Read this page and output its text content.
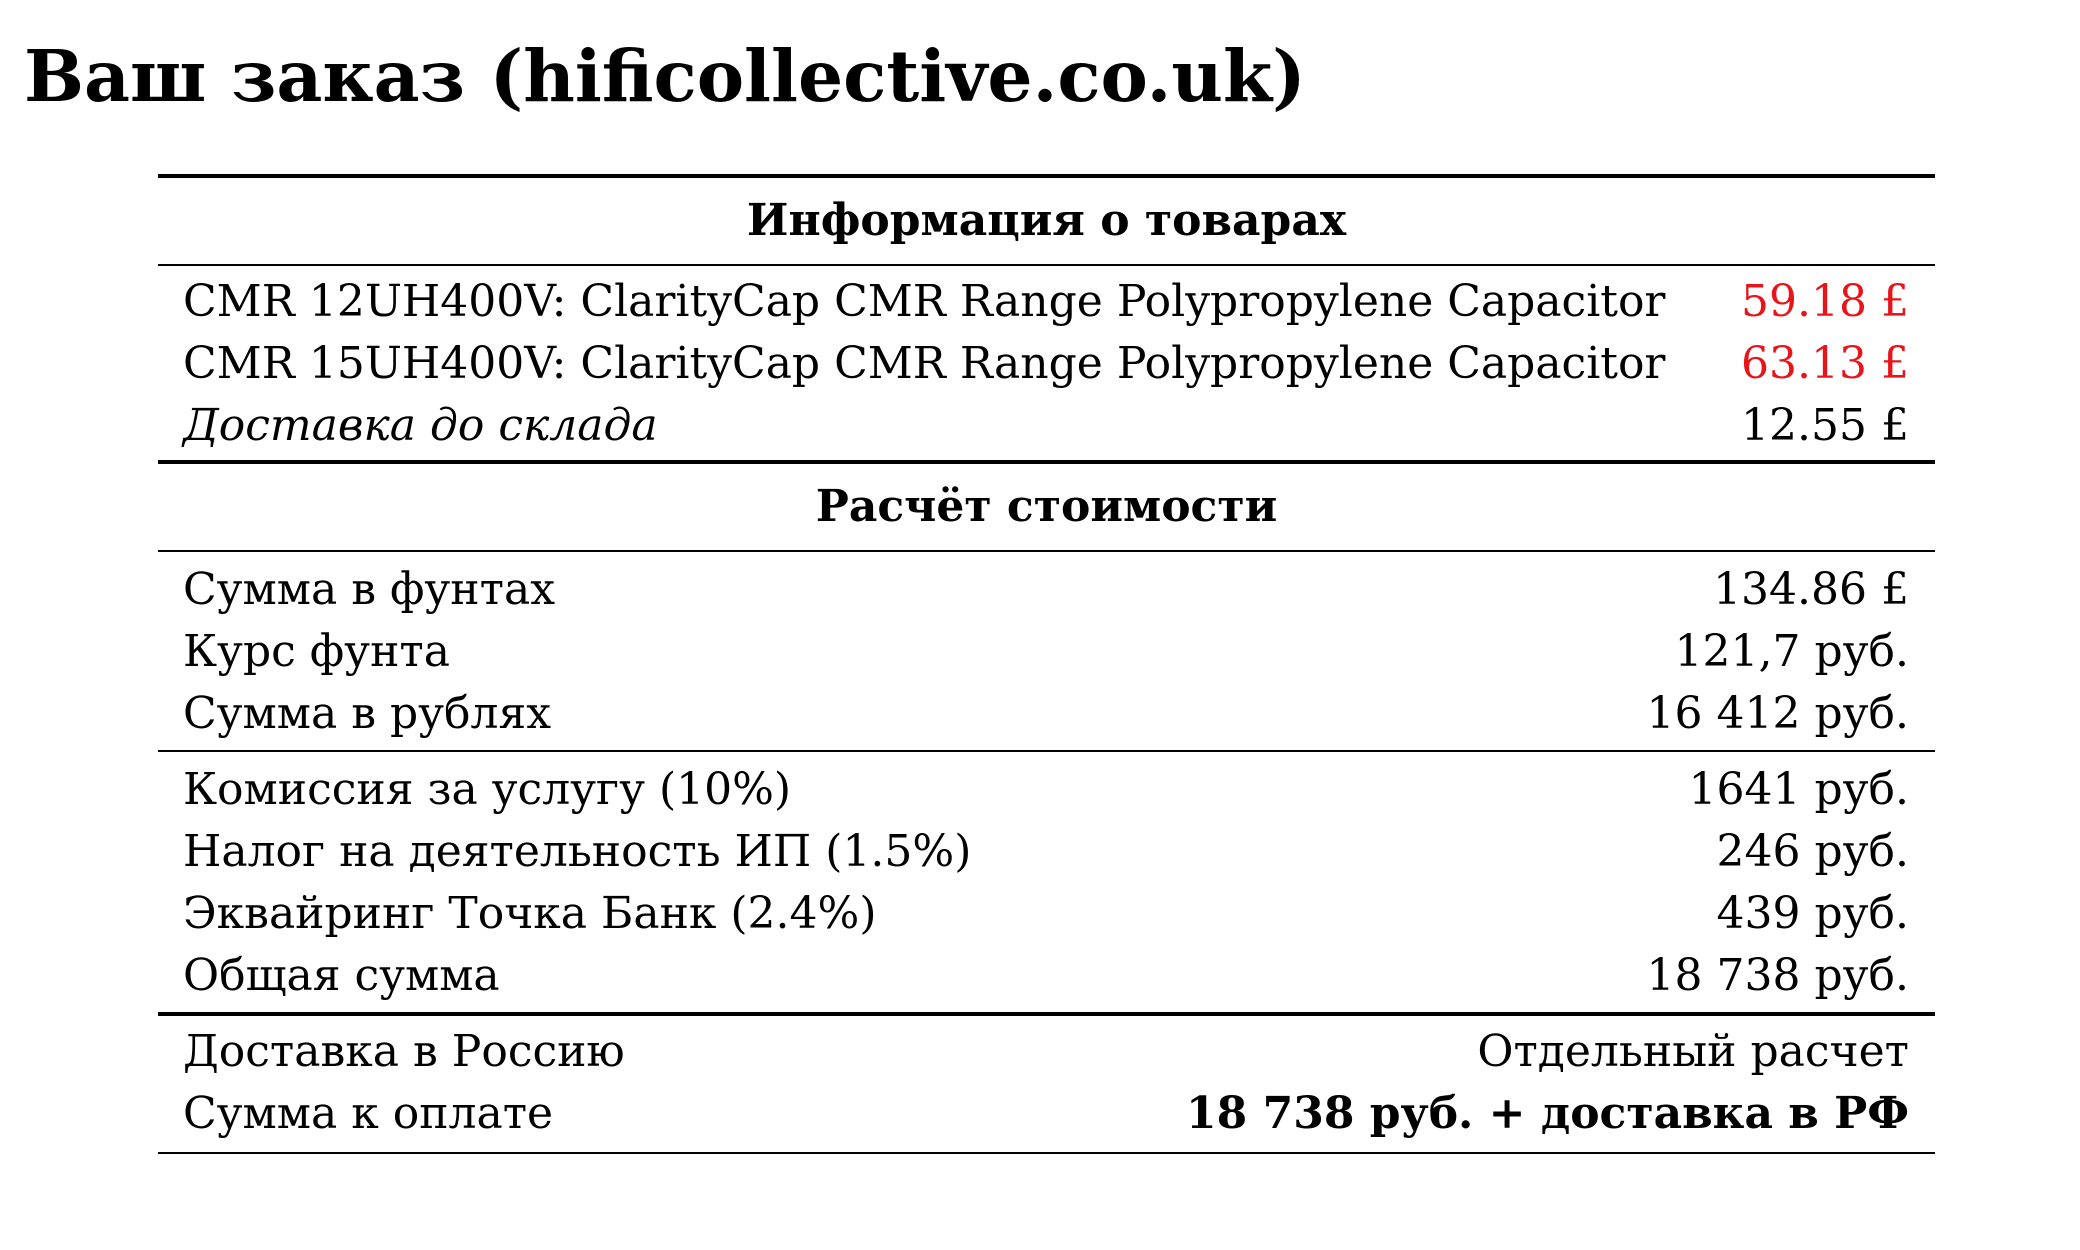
Ваш заказ (hificollective.co.uk)
Информация о товарах
CMR 12UH400V: ClarityCap CMR Range Polypropylene Capacitor 59.18 £
CMR 15UH400V: ClarityCap CMR Range Polypropylene Capacitor 63.13 £
Доставка до склада	12.55 £
Расчёт стоимости
Сумма в фунтах	134.86 £
Курс фунта	121,7 руб.
Сумма в рублях	16 412 руб.
Комиссия за услугу (10%)	1641 руб.
Налог на деятельность ИП (1.5%)	246 руб.
Эквайринг Точка Банк (2.4%)	439 руб.
Общая сумма	18 738 руб.
Доставка в Россию	Отдельный расчет
Сумма к оплате	18 738 руб. + доставка в РФ
